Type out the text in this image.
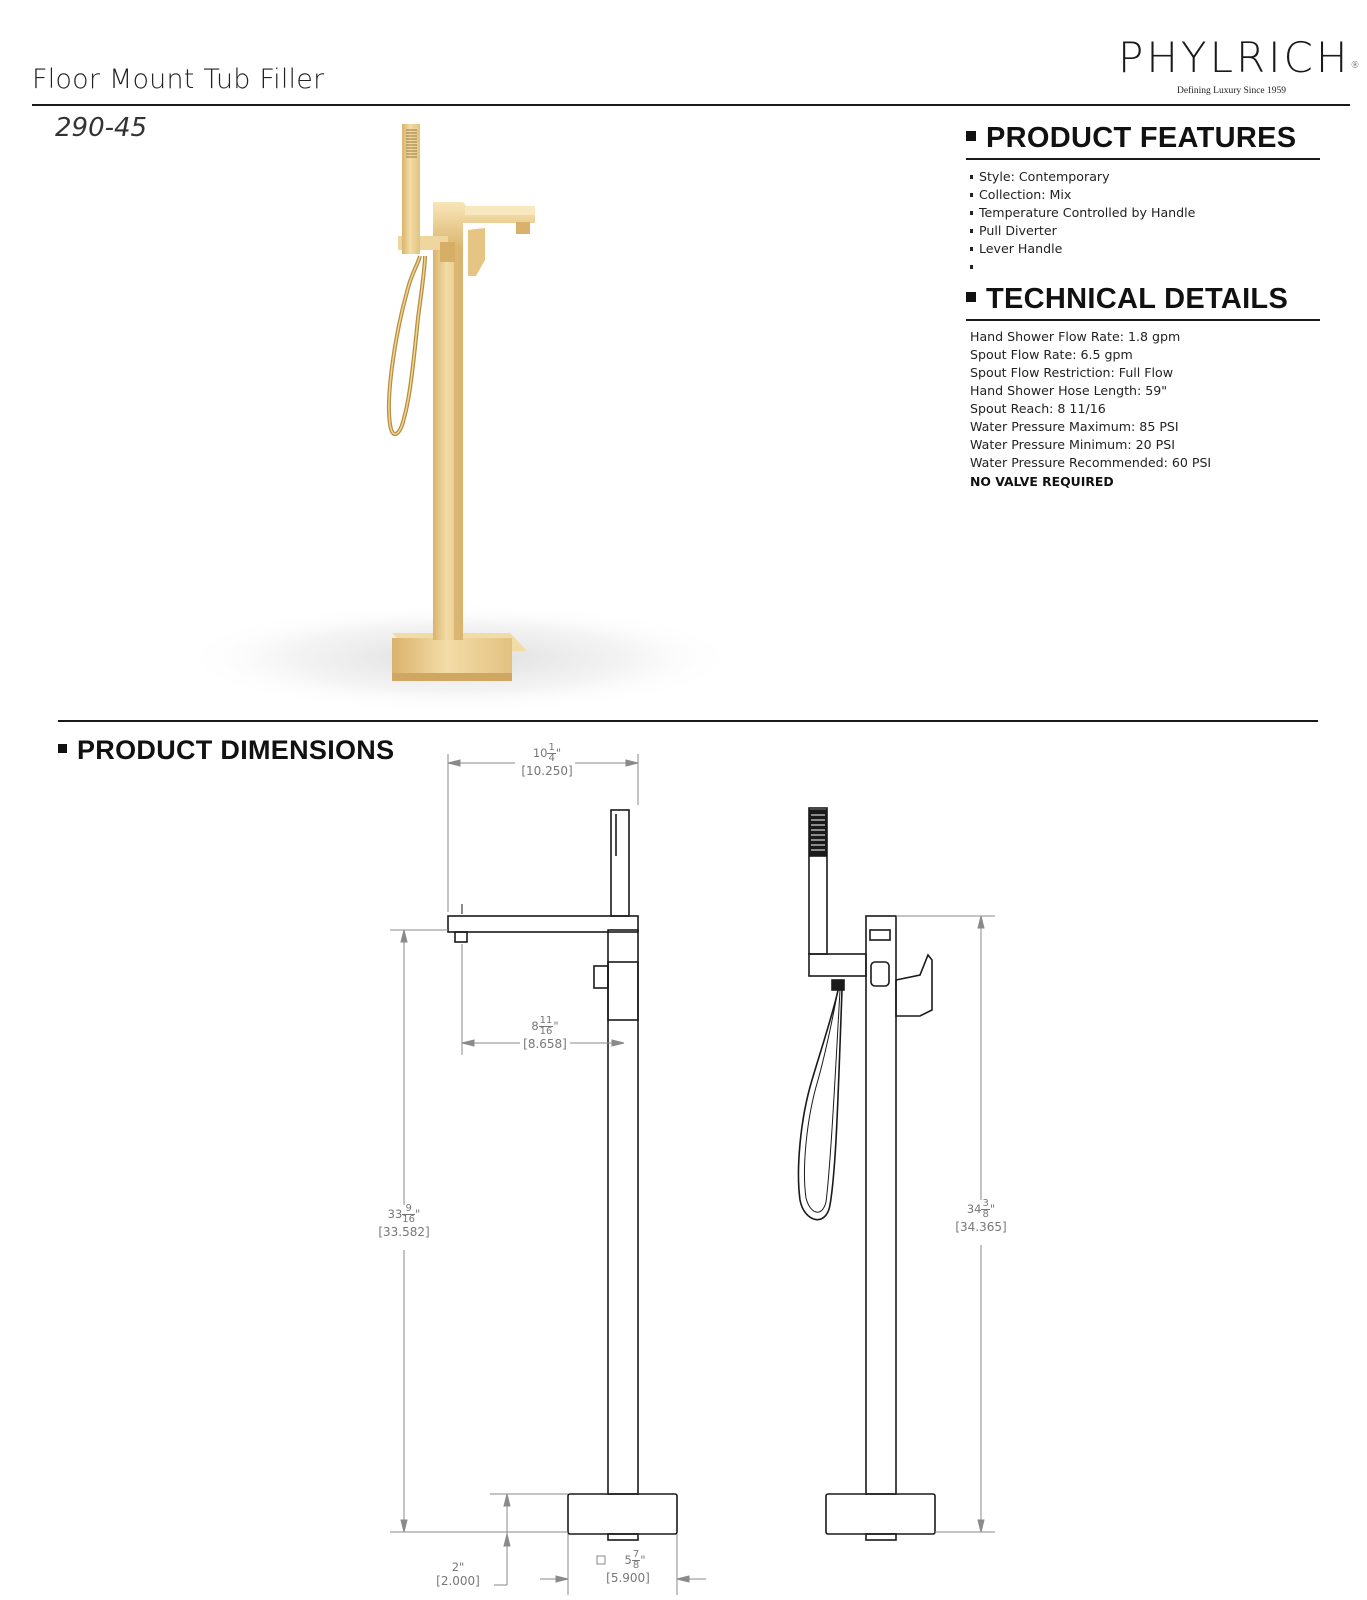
Floor Mount Tub Filler	PHYLRICH®
Defining Luxury Since 1959
290-45	PRODUCT FEATURES
Style: Contemporary
Collection: Mix
Temperature Controlled by Handle
Pull Diverter
Lever Handle
TECHNICAL DETAILS
Hand Shower Flow Rate: 1.8 gpm
Spout Flow Rate: 6.5 gpm
Spout Flow Restriction: Full Flow
Hand Shower Hose Length: 59"
Spout Reach: 8 11/16
Water Pressure Maximum: 85 PSI
Water Pressure Minimum: 20 PSI
Water Pressure Recommended: 60 PSI
NO VALVE REQUIRED
PRODUCT DIMENSIONS	$10 \frac{1}{4}$ "
[10.250]
$8 \frac{11}{16}$ "
[8.658]
$33 \frac{9}{16}$ "
[33.582]
$34 \frac{3}{8}$ "
[34.365]
2"
[2.000]
$5 \frac{7}{8}$ "
[5.900]
